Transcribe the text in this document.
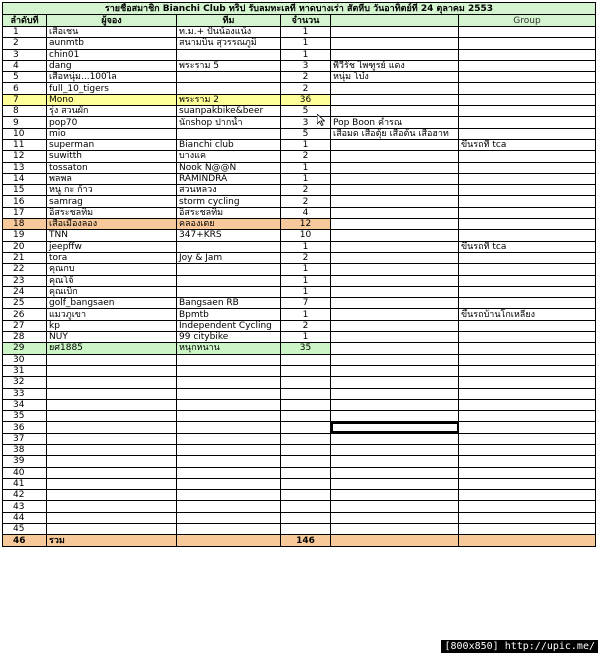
รายชื่อสมาชิก Bianchi Club ทริป รับลมทะเลที่ หาดบางเร่า สัตหีบ วันอาทิตย์ที่ 24 ตุลาคม 2553					
ลำดับที่	ผู้จอง	ทีม	จำนวน		Group
1	เสือเชน	ท.ม.+ ปั่นน้องแน้ง	1		
2	aunmtb	สนามบิน สุวรรณภูมิ	1		
3	chin01		1		
4	dang	พระราม 5	3	พี่วีรัช ไพฑูรย์ แดง	
5	เสือหนุ่ม...100ไล		2	หนุ่ม โบ๋ง	
6	full_10_tigers		2		
7	Mono	พระราม 2	36		
8	รุ่ง สวนผัก	suanpakbike&beer	5		
9	pop70	นักshop ปากน้ำ	3	Pop Boon คำรณ	
10	mio		5	เสือมด เสือตุ้ย เสือต้น เสือฮาท	
11	superman	Bianchi club	1		ขึ้นรถที่ tca
12	suwitth	บางแค	2		
13	tossaton	Nook N@@N	1		
14	พลพล	RAMINDRA	1		
15	หนู กะ ก้าว	สวนหลวง	2		
16	samrag	storm cycling	2		
17	อิสระชลทิม	อิสระชลทิม	4		
18	เสือเมืองลอง	คลองเตย	12		
19	TNN	347+KRS	10		
20	jeepffw		1		ขึ้นรถที่ tca
21	tora	Joy & Jam	2		
22	คุณกบ		1		
23	คุณโจ้		1		
24	คุณเบิ๊ก		1		
25	golf_bangsaen	Bangsaen RB	7		
26	แมวภูเขา	Bpmtb	1		ขึ้นรถบ้านโกเหลียง
27	kp	Independent Cycling	2		
28	NUY	99 citybike	1		
29	ยศ1885	หนุกหนาน	35		
30					
31					
32					
33					
34					
35					
36					
37					
38					
39					
40					
41					
42					
43					
44					
45					
46	รวม		146		
[800x850] http://upic.me/
